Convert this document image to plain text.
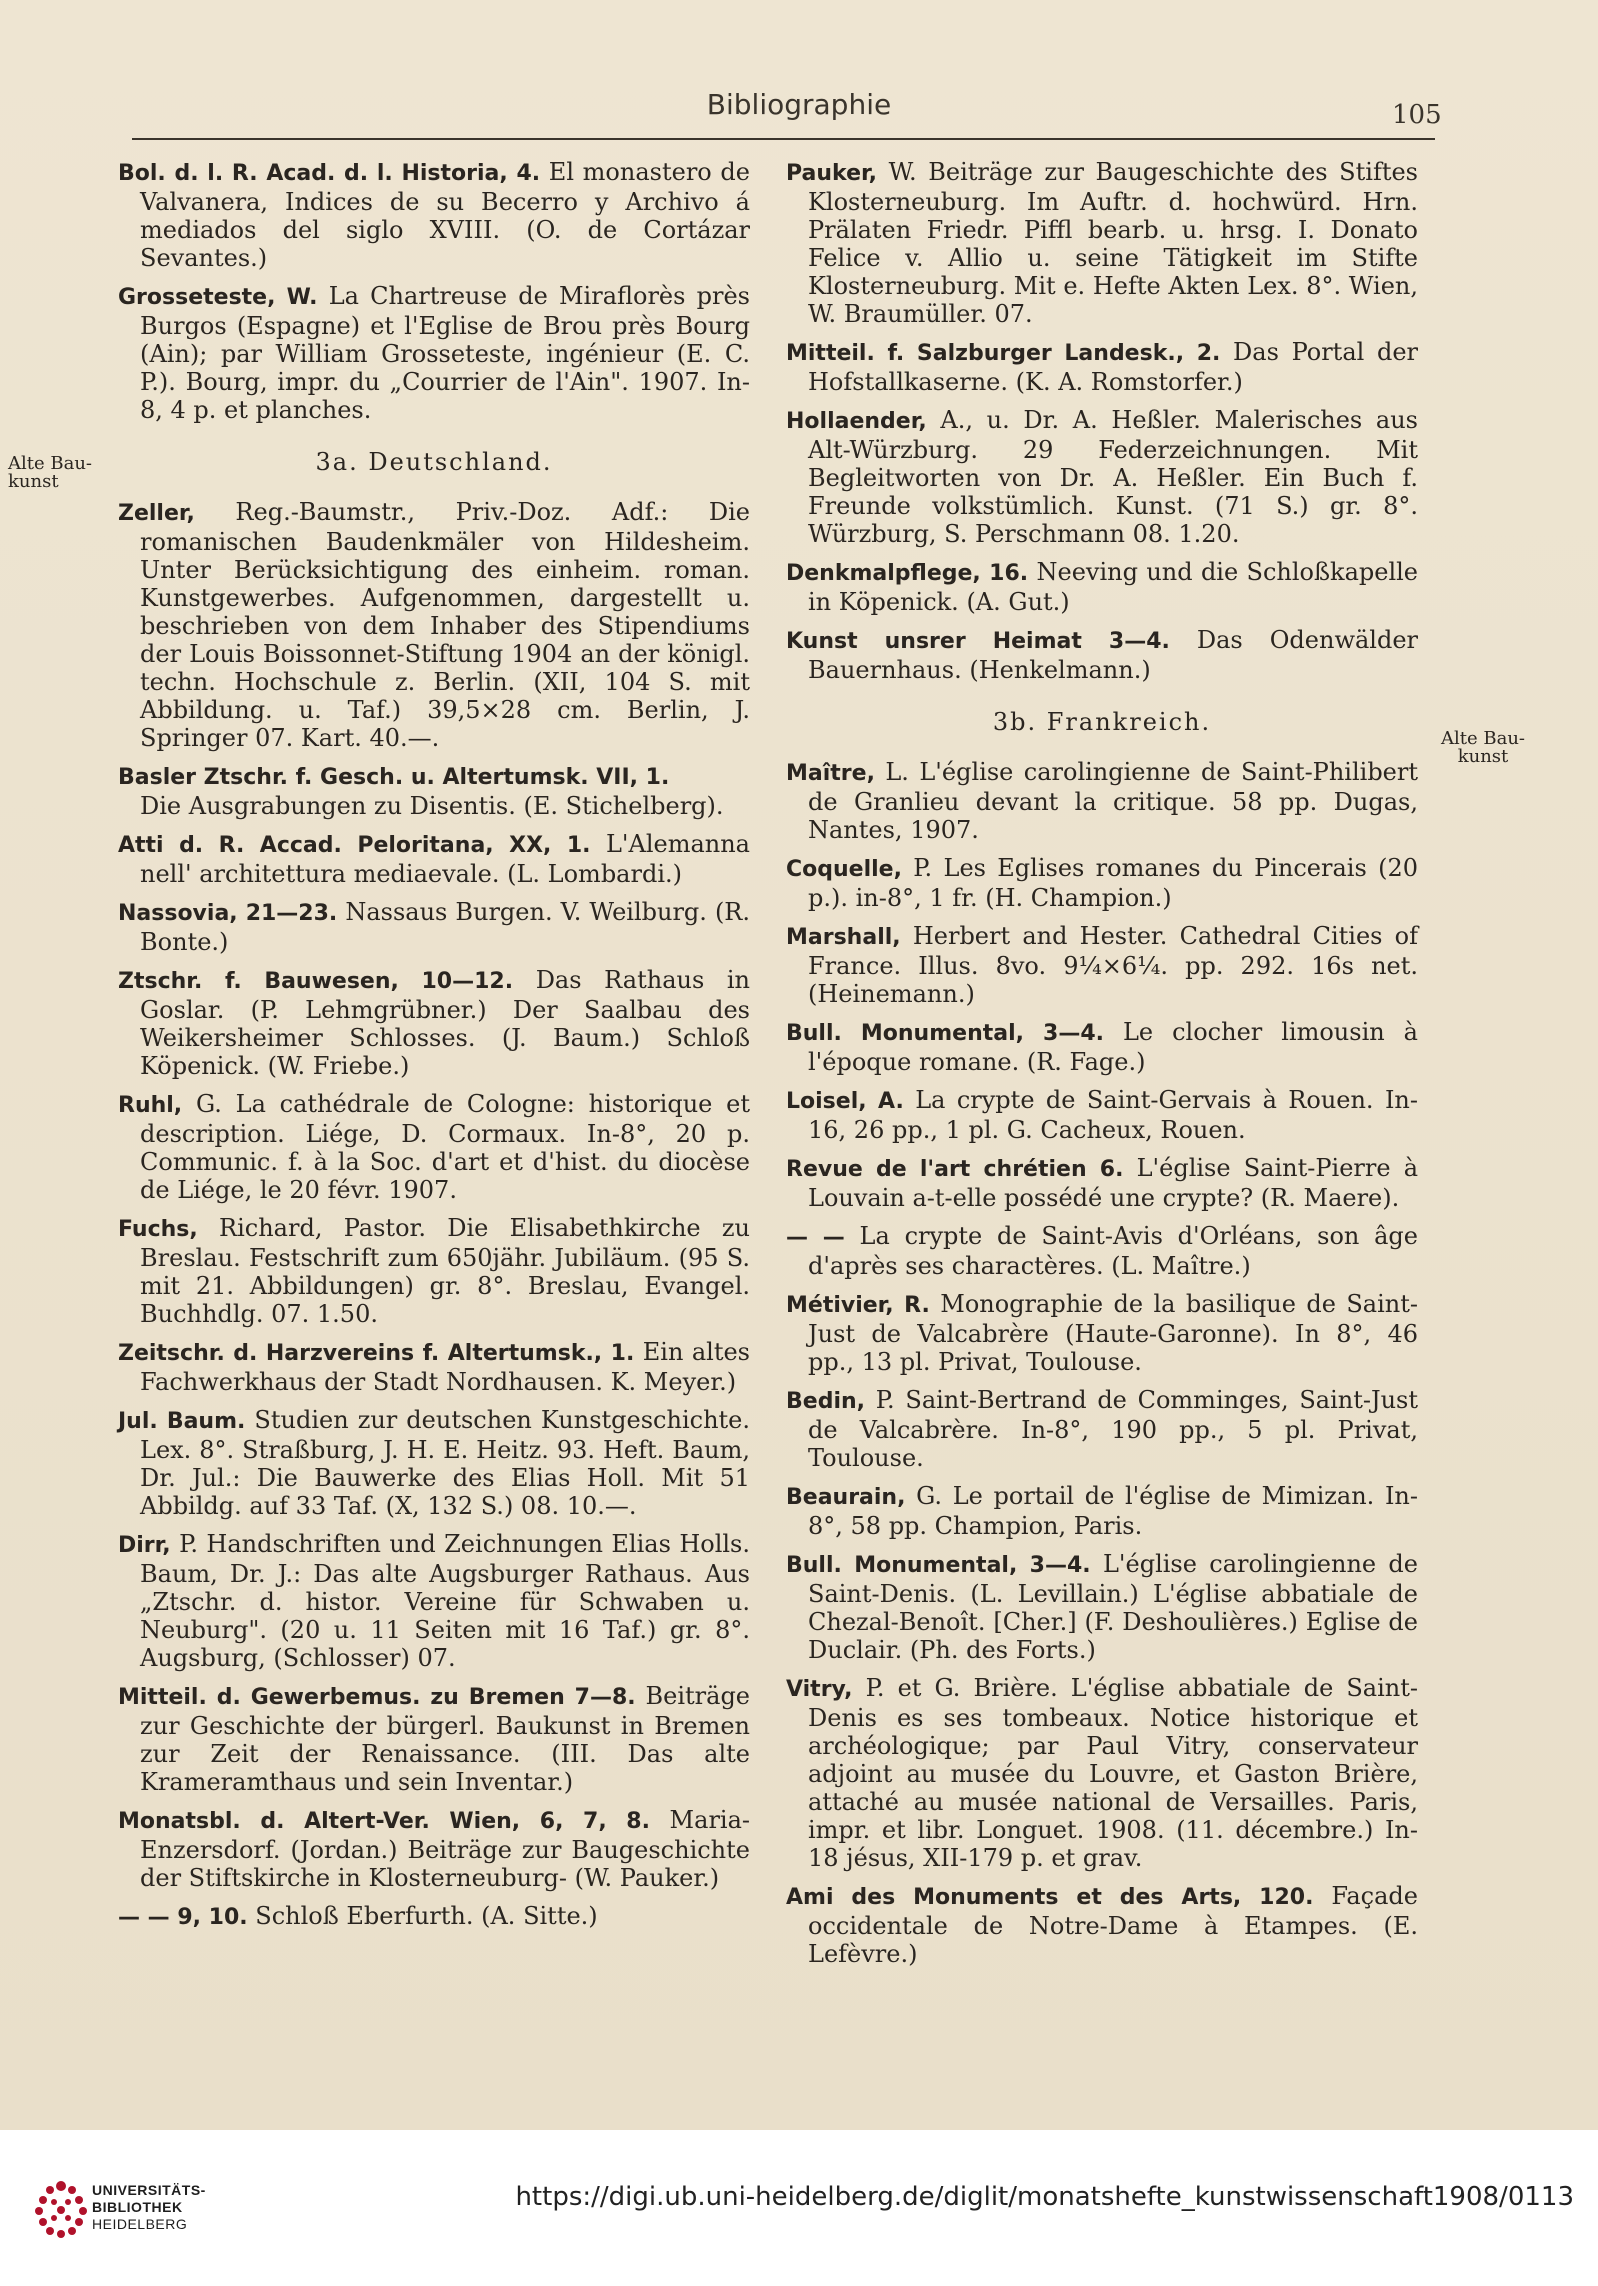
Bibliographie	105
Alte Bau-
kunst
Alte Bau-
kunst

Bol. d. l. R. Acad. d. l. Historia, 4. El monastero de Valvanera, Indices de su Becerro y Archivo á mediados del siglo XVIII. (O. de Cortázar Sevantes.)

Grosseteste, W. La Chartreuse de Miraflorès près Burgos (Espagne) et l'Eglise de Brou près Bourg (Ain); par William Grosseteste, ingénieur (E. C. P.). Bourg, impr. du „Courrier de l'Ain". 1907. In-8, 4 p. et planches.

3a. Deutschland.

Zeller, Reg.-Baumstr., Priv.-Doz. Adf.: Die romanischen Baudenkmäler von Hildesheim. Unter Berücksichtigung des einheim. roman. Kunstgewerbes. Aufgenommen, dargestellt u. beschrieben von dem Inhaber des Stipendiums der Louis Boissonnet-Stiftung 1904 an der königl. techn. Hochschule z. Berlin. (XII, 104 S. mit Abbildung. u. Taf.) 39,5×28 cm. Berlin, J. Springer 07. Kart. 40.—.

Basler Ztschr. f. Gesch. u. Altertumsk. VII, 1.
Die Ausgrabungen zu Disentis. (E. Stichelberg).

Atti d. R. Accad. Peloritana, XX, 1. L'Alemanna nell' architettura mediaevale. (L. Lombardi.)

Nassovia, 21—23. Nassaus Burgen. V. Weilburg. (R. Bonte.)

Ztschr. f. Bauwesen, 10—12. Das Rathaus in Goslar. (P. Lehmgrübner.) Der Saalbau des Weikersheimer Schlosses. (J. Baum.) Schloß Köpenick. (W. Friebe.)

Ruhl, G. La cathédrale de Cologne: historique et description. Liége, D. Cormaux. In-8°, 20 p. Communic. f. à la Soc. d'art et d'hist. du diocèse de Liége, le 20 févr. 1907.

Fuchs, Richard, Pastor. Die Elisabethkirche zu Breslau. Festschrift zum 650jähr. Jubiläum. (95 S. mit 21. Abbildungen) gr. 8°. Breslau, Evangel. Buchhdlg. 07. 1.50.

Zeitschr. d. Harzvereins f. Altertumsk., 1. Ein altes Fachwerkhaus der Stadt Nordhausen. K. Meyer.)

Jul. Baum. Studien zur deutschen Kunstgeschichte. Lex. 8°. Straßburg, J. H. E. Heitz. 93. Heft. Baum, Dr. Jul.: Die Bauwerke des Elias Holl. Mit 51 Abbildg. auf 33 Taf. (X, 132 S.) 08. 10.—.

Dirr, P. Handschriften und Zeichnungen Elias Holls. Baum, Dr. J.: Das alte Augsburger Rathaus. Aus „Ztschr. d. histor. Vereine für Schwaben u. Neuburg". (20 u. 11 Seiten mit 16 Taf.) gr. 8°. Augsburg, (Schlosser) 07.

Mitteil. d. Gewerbemus. zu Bremen 7—8. Beiträge zur Geschichte der bürgerl. Baukunst in Bremen zur Zeit der Renaissance. (III. Das alte Krameramthaus und sein Inventar.)

Monatsbl. d. Altert-Ver. Wien, 6, 7, 8. Maria-Enzersdorf. (Jordan.) Beiträge zur Baugeschichte der Stiftskirche in Klosterneuburg- (W. Pauker.)

— — 9, 10. Schloß Eberfurth. (A. Sitte.)

Pauker, W. Beiträge zur Baugeschichte des Stiftes Klosterneuburg. Im Auftr. d. hochwürd. Hrn. Prälaten Friedr. Piffl bearb. u. hrsg. I. Donato Felice v. Allio u. seine Tätigkeit im Stifte Klosterneuburg. Mit e. Hefte Akten Lex. 8°. Wien, W. Braumüller. 07.

Mitteil. f. Salzburger Landesk., 2. Das Portal der Hofstallkaserne. (K. A. Romstorfer.)

Hollaender, A., u. Dr. A. Heßler. Malerisches aus Alt-Würzburg. 29 Federzeichnungen. Mit Begleitworten von Dr. A. Heßler. Ein Buch f. Freunde volkstümlich. Kunst. (71 S.) gr. 8°. Würzburg, S. Perschmann 08. 1.20.

Denkmalpflege, 16. Neeving und die Schloßkapelle in Köpenick. (A. Gut.)

Kunst unsrer Heimat 3—4. Das Odenwälder Bauernhaus. (Henkelmann.)

3b. Frankreich.

Maître, L. L'église carolingienne de Saint-Philibert de Granlieu devant la critique. 58 pp. Dugas, Nantes, 1907.

Coquelle, P. Les Eglises romanes du Pincerais (20 p.). in-8°, 1 fr. (H. Champion.)

Marshall, Herbert and Hester. Cathedral Cities of France. Illus. 8vo. 9¼×6¼. pp. 292. 16s net. (Heinemann.)

Bull. Monumental, 3—4. Le clocher limousin à l'époque romane. (R. Fage.)

Loisel, A. La crypte de Saint-Gervais à Rouen. In-16, 26 pp., 1 pl. G. Cacheux, Rouen.

Revue de l'art chrétien 6. L'église Saint-Pierre à Louvain a-t-elle possédé une crypte? (R. Maere).

— — La crypte de Saint-Avis d'Orléans, son âge d'après ses charactères. (L. Maître.)

Métivier, R. Monographie de la basilique de Saint-Just de Valcabrère (Haute-Garonne). In 8°, 46 pp., 13 pl. Privat, Toulouse.

Bedin, P. Saint-Bertrand de Comminges, Saint-Just de Valcabrère. In-8°, 190 pp., 5 pl. Privat, Toulouse.

Beaurain, G. Le portail de l'église de Mimizan. In-8°, 58 pp. Champion, Paris.

Bull. Monumental, 3—4. L'église carolingienne de Saint-Denis. (L. Levillain.) L'église abbatiale de Chezal-Benoît. [Cher.] (F. Deshoulières.) Eglise de Duclair. (Ph. des Forts.)

Vitry, P. et G. Brière. L'église abbatiale de Saint-Denis es ses tombeaux. Notice historique et archéologique; par Paul Vitry, conservateur adjoint au musée du Louvre, et Gaston Brière, attaché au musée national de Versailles. Paris, impr. et libr. Longuet. 1908. (11. décembre.) In-18 jésus, XII-179 p. et grav.

Ami des Monuments et des Arts, 120. Façade occidentale de Notre-Dame à Etampes. (E. Lefèvre.)

UNIVERSITÄTS-
BIBLIOTHEK
HEIDELBERG
https://digi.ub.uni-heidelberg.de/diglit/monatshefte_kunstwissenschaft1908/0113
